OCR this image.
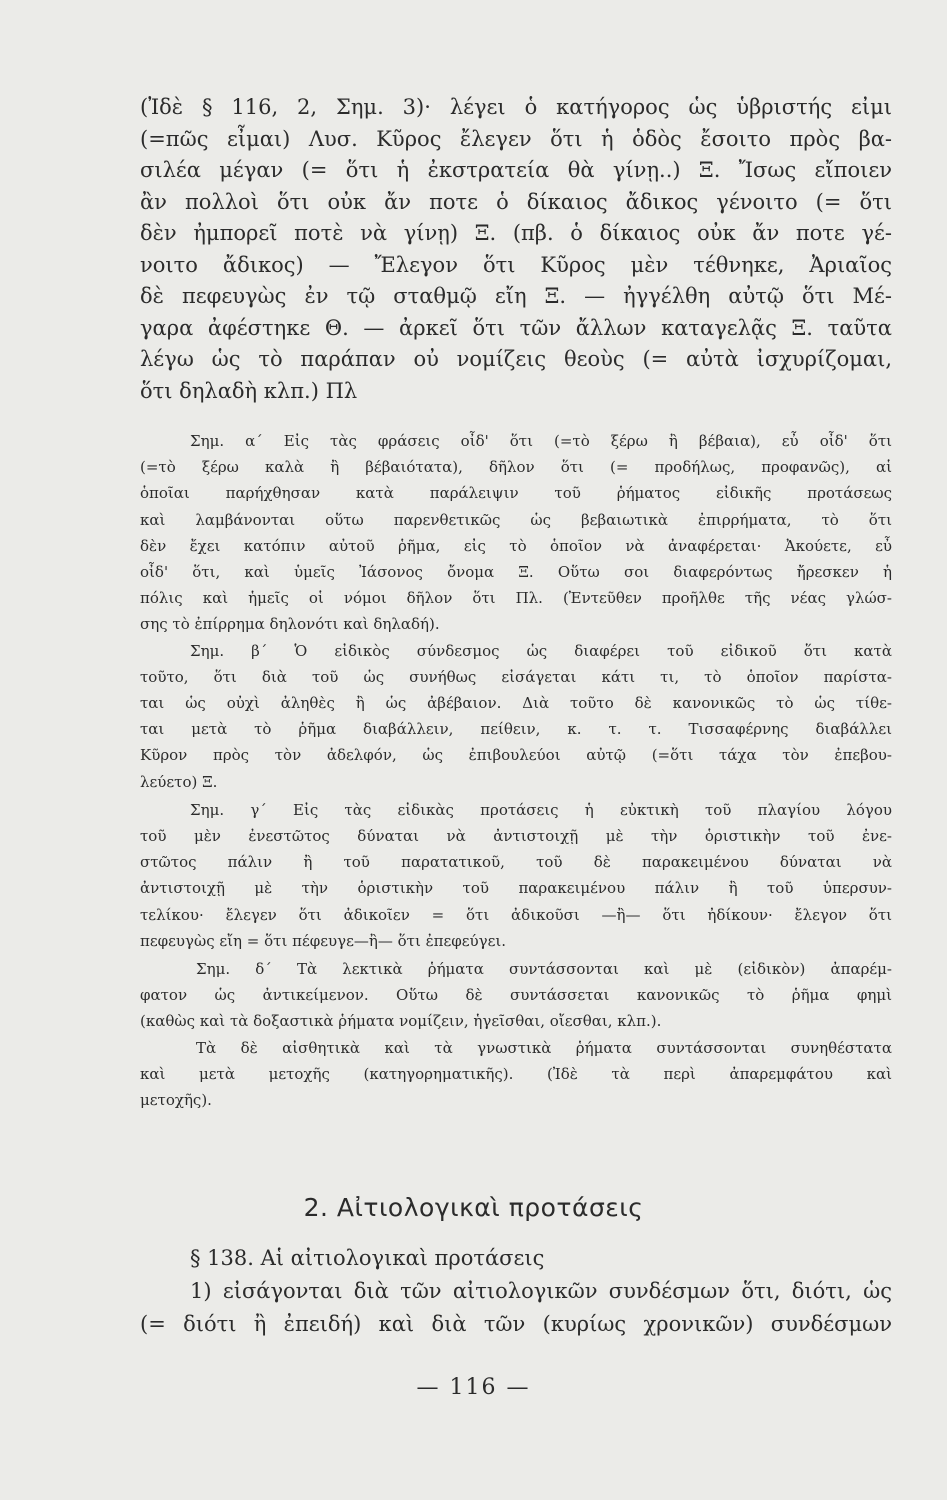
(Ἰδὲ § 116, 2, Σημ. 3)· λέγει ὁ κατήγορος ὡς ὑβριστής εἰμι
(=πῶς εἶμαι) Λυσ. Κῦρος ἔλεγεν ὅτι ἡ ὁδὸς ἔσοιτο πρὸς βα-
σιλέα μέγαν (= ὅτι ἡ ἐκστρατεία θὰ γίνῃ..) Ξ. Ἴσως εἴποιεν
ἂν πολλοὶ ὅτι οὐκ ἄν ποτε ὁ δίκαιος ἄδικος γένοιτο (= ὅτι
δὲν ἠμπορεῖ ποτὲ νὰ γίνῃ) Ξ. (πβ. ὁ δίκαιος οὐκ ἄν ποτε γέ-
νοιτο ἄδικος) — Ἔλεγον ὅτι Κῦρος μὲν τέθνηκε, Ἀριαῖος
δὲ πεφευγὼς ἐν τῷ σταθμῷ εἴη Ξ. — ἠγγέλθη αὐτῷ ὅτι Μέ-
γαρα ἀφέστηκε Θ. — ἀρκεῖ ὅτι τῶν ἄλλων καταγελᾷς Ξ. ταῦτα
λέγω ὡς τὸ παράπαν οὐ νομίζεις θεοὺς (= αὐτὰ ἰσχυρίζομαι,
ὅτι δηλαδὴ κλπ.) Πλ
Σημ. α΄ Εἰς τὰς φράσεις οἶδ' ὅτι (=τὸ ξέρω ἢ βέβαια), εὖ οἶδ' ὅτι
(=τὸ ξέρω καλὰ ἢ βέβαιότατα), δῆλον ὅτι (= προδήλως, προφανῶς), αἱ
ὁποῖαι παρήχθησαν κατὰ παράλειψιν τοῦ ῥήματος εἰδικῆς προτάσεως
καὶ λαμβάνονται οὕτω παρενθετικῶς ὡς βεβαιωτικὰ ἐπιρρήματα, τὸ ὅτι
δὲν ἔχει κατόπιν αὐτοῦ ῥῆμα, εἰς τὸ ὁποῖον νὰ ἀναφέρεται· Ἀκούετε, εὖ
οἶδ' ὅτι, καὶ ὑμεῖς Ἰάσονος ὄνομα Ξ. Οὕτω σοι διαφερόντως ἤρεσκεν ἡ
πόλις καὶ ἡμεῖς οἱ νόμοι δῆλον ὅτι Πλ. (Ἐντεῦθεν προῆλθε τῆς νέας γλώσ-
σης τὸ ἐπίρρημα δηλονότι καὶ δηλαδή).
Σημ. β΄ Ὁ εἰδικὸς σύνδεσμος ὡς διαφέρει τοῦ εἰδικοῦ ὅτι κατὰ
τοῦτο, ὅτι διὰ τοῦ ὡς συνήθως εἰσάγεται κάτι τι, τὸ ὁποῖον παρίστα-
ται ὡς οὐχὶ ἀληθὲς ἢ ὡς ἀβέβαιον. Διὰ τοῦτο δὲ κανονικῶς τὸ ὡς τίθε-
ται μετὰ τὸ ῥῆμα διαβάλλειν, πείθειν, κ. τ. τ. Τισσαφέρνης διαβάλλει
Κῦρον πρὸς τὸν ἀδελφόν, ὡς ἐπιβουλεύοι αὐτῷ (=ὅτι τάχα τὸν ἐπεβου-
λεύετο) Ξ.
Σημ. γ΄ Εἰς τὰς εἰδικὰς προτάσεις ἡ εὐκτικὴ τοῦ πλαγίου λόγου
τοῦ μὲν ἐνεστῶτος δύναται νὰ ἀντιστοιχῇ μὲ τὴν ὁριστικὴν τοῦ ἐνε-
στῶτος πάλιν ἢ τοῦ παρατατικοῦ, τοῦ δὲ παρακειμένου δύναται νὰ
ἀντιστοιχῇ μὲ τὴν ὁριστικὴν τοῦ παρακειμένου πάλιν ἢ τοῦ ὑπερσυν-
τελίκου· ἔλεγεν ὅτι ἀδικοῖεν = ὅτι ἀδικοῦσι —ἢ— ὅτι ἠδίκουν· ἔλεγον ὅτι
πεφευγὼς εἴη = ὅτι πέφευγε—ἢ— ὅτι ἐπεφεύγει.
Σημ. δ΄ Τὰ λεκτικὰ ῥήματα συντάσσονται καὶ μὲ (εἰδικὸν) ἀπαρέμ-
φατον ὡς ἀντικείμενον. Οὕτω δὲ συντάσσεται κανονικῶς τὸ ῥῆμα φημὶ
(καθὼς καὶ τὰ δοξαστικὰ ῥήματα νομίζειν, ἡγεῖσθαι, οἴεσθαι, κλπ.).
Τὰ δὲ αἰσθητικὰ καὶ τὰ γνωστικὰ ῥήματα συντάσσονται συνηθέστατα
καὶ μετὰ μετοχῆς (κατηγορηματικῆς). (Ἰδὲ τὰ περὶ ἀπαρεμφάτου καὶ
μετοχῆς).
2. Αἰτιολογικαὶ προτάσεις
§ 138. Αἱ αἰτιολογικαὶ προτάσεις
1) εἰσάγονται διὰ τῶν αἰτιολογικῶν συνδέσμων ὅτι, διότι, ὡς
(= διότι ἢ ἐπειδή) καὶ διὰ τῶν (κυρίως χρονικῶν) συνδέσμων
— 116 —
